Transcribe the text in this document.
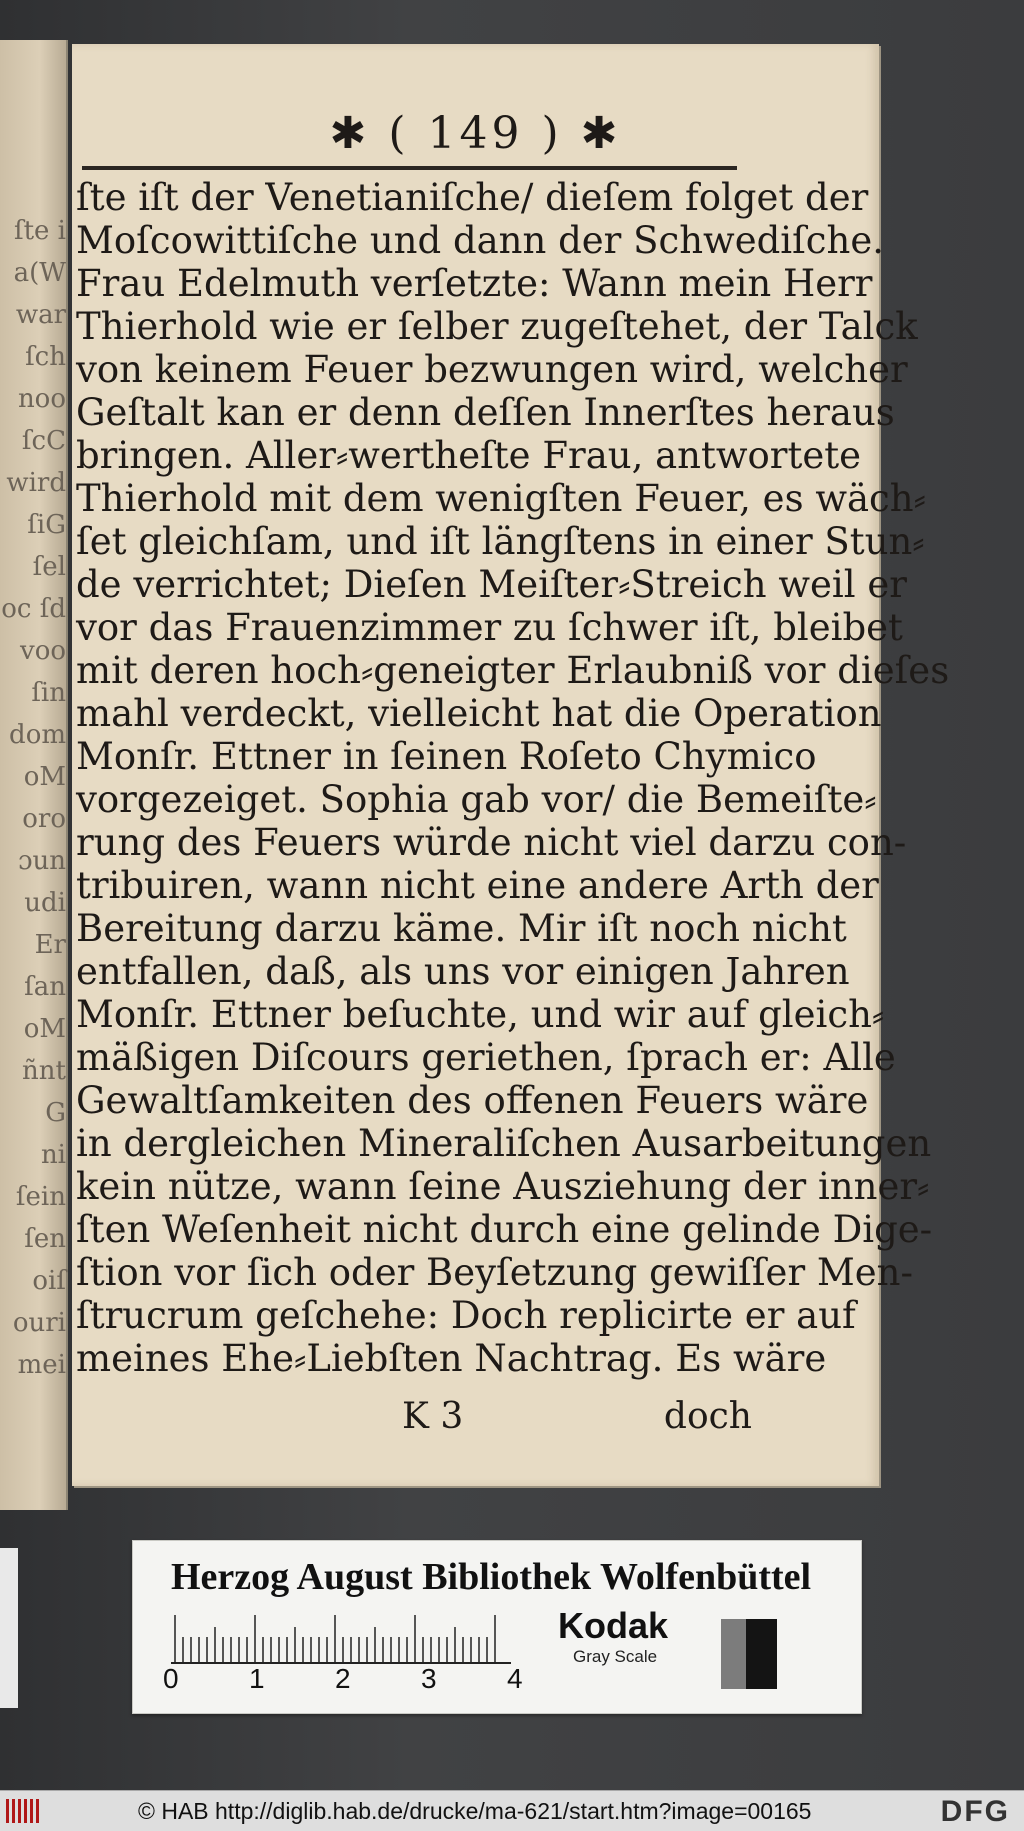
ſte i
a(W
war
ſch
noo
ſcC
wird
ſiG
ſel
oc ſd
voo
ſin
dom
oM
oro
ɔun
udi
Er
ſan
oM
ñnt
G
ni
ſein
ſen
oiſ
ouri
mei
✱ ( 149 ) ✱
ſte iſt der Venetianiſche/ dieſem folget der
Moſcowittiſche und dann der Schwediſche.
Frau Edelmuth verſetzte: Wann mein Herr
Thierhold wie er ſelber zugeſtehet, der Talck
von keinem Feuer bezwungen wird, welcher
Geſtalt kan er denn deſſen Innerſtes heraus
bringen. Aller⸗wertheſte Frau, antwortete
Thierhold mit dem wenigſten Feuer, es wäch⸗
ſet gleichſam, und iſt längſtens in einer Stun⸗
de verrichtet; Dieſen Meiſter⸗Streich weil er
vor das Frauenzimmer zu ſchwer iſt, bleibet
mit deren hoch⸗geneigter Erlaubniß vor dieſes
mahl verdeckt, vielleicht hat die Operation
Monſr. Ettner in ſeinen Roſeto Chymico
vorgezeiget. Sophia gab vor/ die Bemeiſte⸗
rung des Feuers würde nicht viel darzu con-
tribuiren, wann nicht eine andere Arth der
Bereitung darzu käme. Mir iſt noch nicht
entfallen, daß, als uns vor einigen Jahren
Monſr. Ettner beſuchte, und wir auf gleich⸗
mäßigen Diſcours geriethen, ſprach er: Alle
Gewaltſamkeiten des offenen Feuers wäre
in dergleichen Mineraliſchen Ausarbeitungen
kein nütze, wann ſeine Ausziehung der inner⸗
ſten Weſenheit nicht durch eine gelinde Dige-
ſtion vor ſich oder Beyſetzung gewiſſer Men-
ſtrucrum geſchehe: Doch replicirte er auf
meines Ehe⸗Liebſten Nachtrag. Es wäre
K 3	doch
Herzog August Bibliothek Wolfenbüttel
0	1	2	3	4
Kodak
Gray Scale
© HAB http://diglib.hab.de/drucke/ma-621/start.htm?image=00165	DFG
